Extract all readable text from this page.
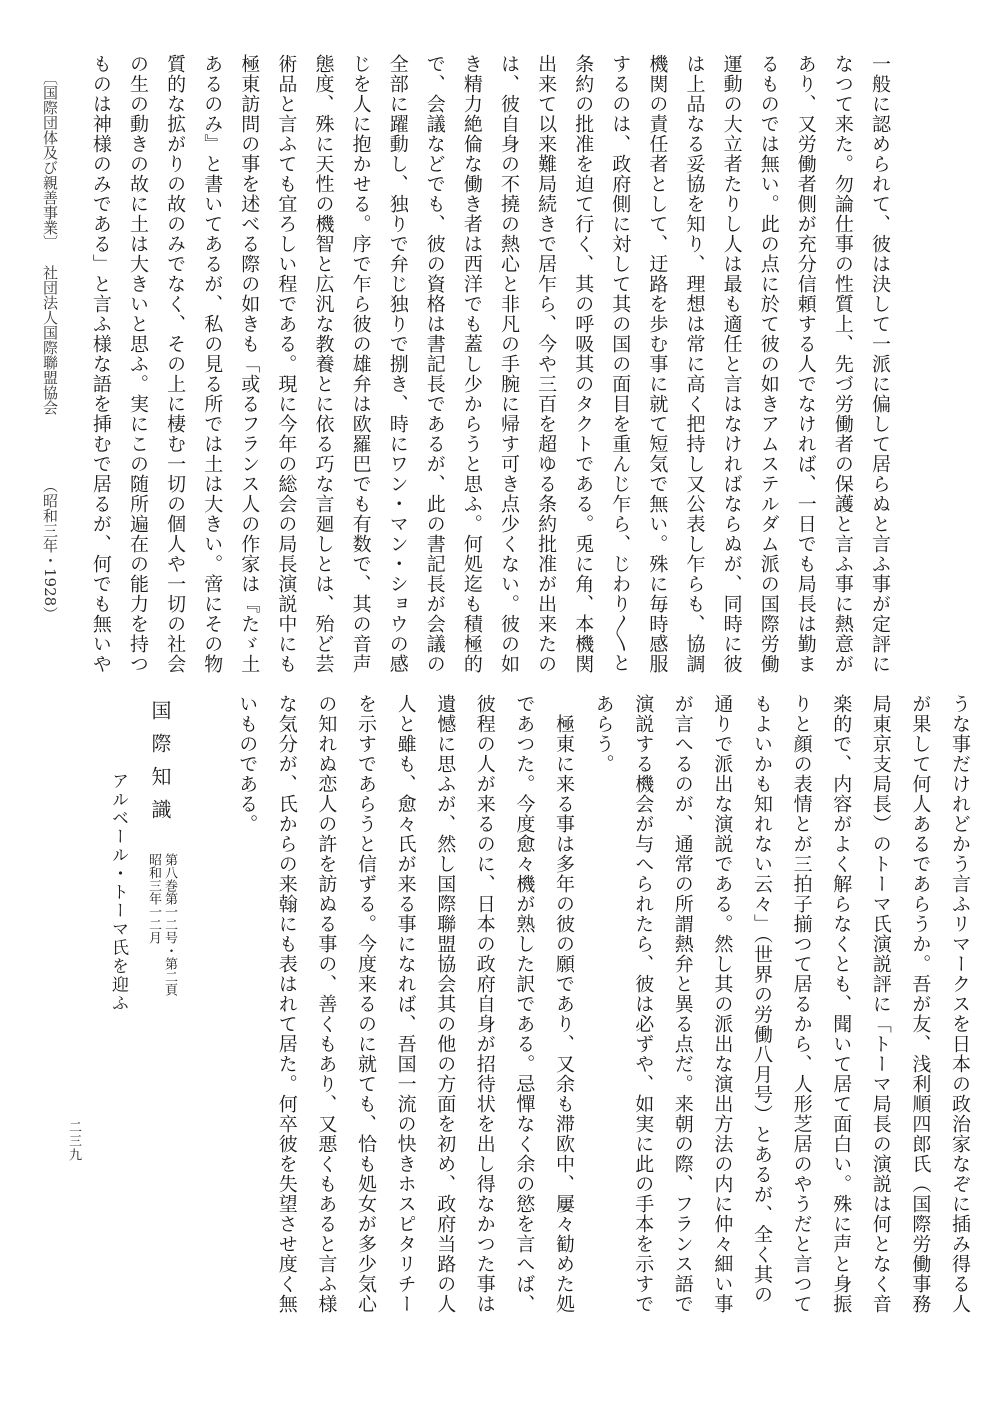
〔国際団体及び親善事業〕
社団法人国際聯盟協会
（昭和三年・1928）	一般に認められて、彼は決して一派に偏して居らぬと言ふ事が定評に
なつて来た。勿論仕事の性質上、先づ労働者の保護と言ふ事に熱意が
あり、又労働者側が充分信頼する人でなければ、一日でも局長は勤ま
るものでは無い。此の点に於て彼の如きアムステルダム派の国際労働
運動の大立者たりし人は最も適任と言はなければならぬが、同時に彼
は上品なる妥協を知り、理想は常に高く把持し又公表し乍らも、協調
機関の責任者として、迂路を歩む事に就て短気で無い。殊に毎時感服
するのは、政府側に対して其の国の面目を重んじ乍ら、じわり〳〵と
条約の批准を迫て行く、其の呼吸其のタクトである。兎に角、本機関
出来て以来難局続きで居乍ら、今や三百を超ゆる条約批准が出来たの
は、彼自身の不撓の熱心と非凡の手腕に帰す可き点少くない。彼の如
き精力絶倫な働き者は西洋でも蓋し少からうと思ふ。何処迄も積極的
で、会議などでも、彼の資格は書記長であるが、此の書記長が会議の
全部に躍動し、独りで弁じ独りで捌き、時にワン・マン・ショウの感
じを人に抱かせる。序で乍ら彼の雄弁は欧羅巴でも有数で、其の音声
態度、殊に天性の機智と広汎な教養とに依る巧な言廻しとは、殆ど芸
術品と言ふても宜ろしい程である。現に今年の総会の局長演説中にも
極東訪問の事を述べる際の如きも「或るフランス人の作家は『たゞ土
あるのみ』と書いてあるが、私の見る所では土は大きい。啻にその物
質的な拡がりの故のみでなく、その上に棲む一切の個人や一切の社会
の生の動きの故に土は大きいと思ふ。実にこの随所遍在の能力を持つ
ものは神様のみである」と言ふ様な語を挿むで居るが、何でも無いや
うな事だけれどかう言ふリマークスを日本の政治家なぞに插み得る人
が果して何人あるであらうか。吾が友、浅利順四郎氏（国際労働事務
局東京支局長）のトーマ氏演説評に「トーマ局長の演説は何となく音
楽的で、内容がよく解らなくとも、聞いて居て面白い。殊に声と身振
りと顔の表情とが三拍子揃つて居るから、人形芝居のやうだと言つて
もよいかも知れない云々」（世界の労働八月号）とあるが、全く其の
通りで派出な演説である。然し其の派出な演出方法の内に仲々細い事
が言へるのが、通常の所謂熱弁と異る点だ。来朝の際、フランス語で
演説する機会が与へられたら、彼は必ずや、如実に此の手本を示すで
あらう。
　極東に来る事は多年の彼の願であり、又余も滞欧中、屢々勧めた処
であつた。今度愈々機が熟した訳である。忌憚なく余の慾を言へば、
彼程の人が来るのに、日本の政府自身が招待状を出し得なかつた事は
遺憾に思ふが、然し国際聯盟協会其の他の方面を初め、政府当路の人
人と雖も、愈々氏が来る事になれば、吾国一流の快きホスピタリチー
を示すであらうと信ずる。今度来るのに就ても、恰も処女が多少気心
の知れぬ恋人の許を訪ぬる事の、善くもあり、又悪くもあると言ふ様
な気分が、氏からの来翰にも表はれて居た。何卒彼を失望させ度く無
いものである。
国際知識
第八巻第一二号・第二頁
昭和三年一二月
アルベール・トーマ氏を迎ふ
二三九
